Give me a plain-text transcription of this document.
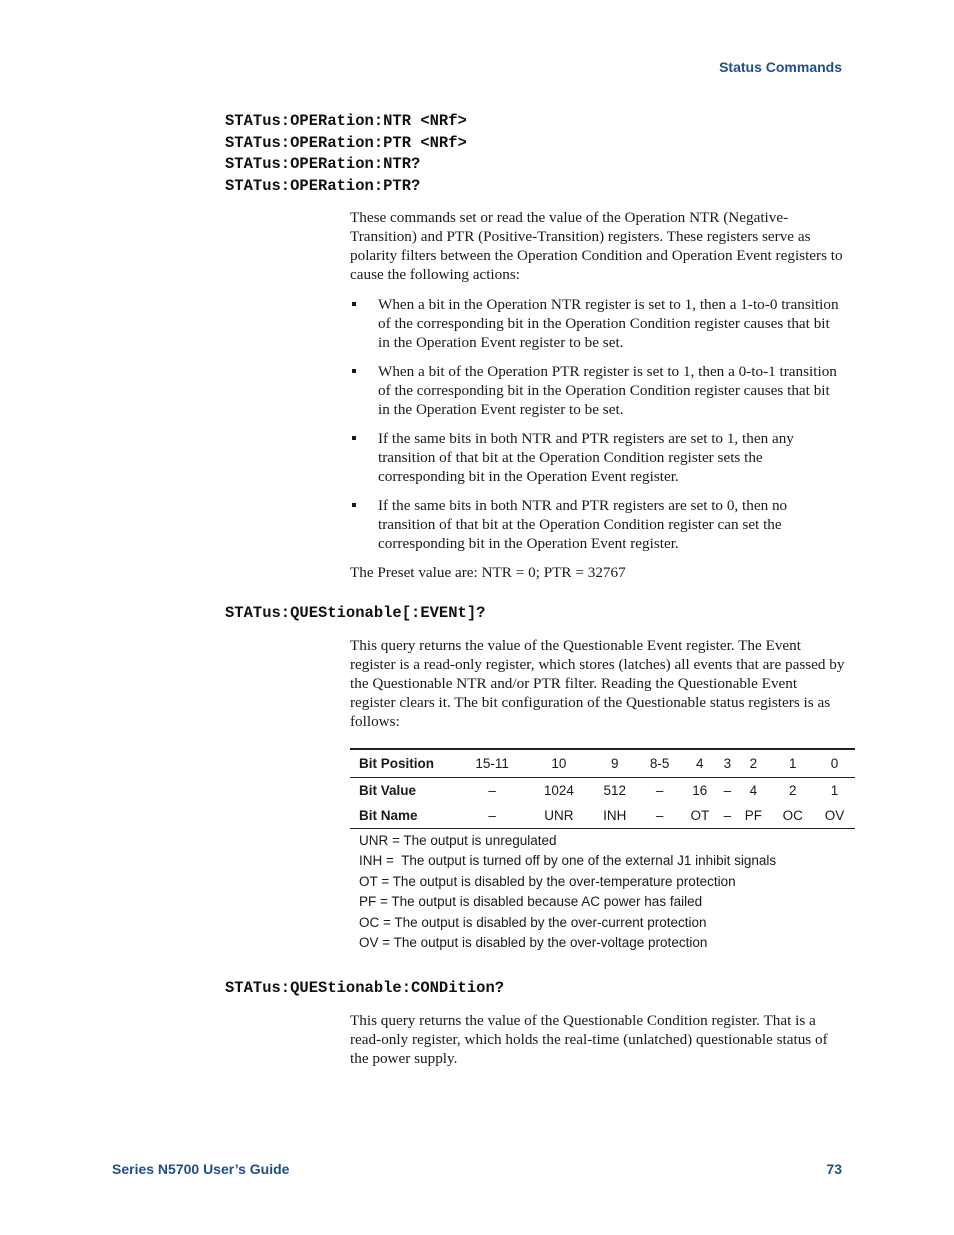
Status Commands
STATus:OPERation:NTR <NRf>
STATus:OPERation:PTR <NRf>
STATus:OPERation:NTR?
STATus:OPERation:PTR?

These commands set or read the value of the Operation NTR (Negative-Transition) and PTR (Positive-Transition) registers. These registers serve as polarity filters between the Operation Condition and Operation Event registers to cause the following actions:

When a bit in the Operation NTR register is set to 1, then a 1-to-0 transition of the corresponding bit in the Operation Condition register causes that bit in the Operation Event register to be set.
When a bit of the Operation PTR register is set to 1, then a 0-to-1 transition of the corresponding bit in the Operation Condition register causes that bit in the Operation Event register to be set.
If the same bits in both NTR and PTR registers are set to 1, then any transition of that bit at the Operation Condition register sets the corresponding bit in the Operation Event register.
If the same bits in both NTR and PTR registers are set to 0, then no transition of that bit at the Operation Condition register can set the corresponding bit in the Operation Event register.

The Preset value are: NTR = 0; PTR = 32767

STATus:QUEStionable[:EVENt]?

This query returns the value of the Questionable Event register. The Event register is a read-only register, which stores (latches) all events that are passed by the Questionable NTR and/or PTR filter. Reading the Questionable Event register clears it. The bit configuration of the Questionable status registers is as follows:

Bit Position	15-11	10	9	8-5	4	3	2	1	0
Bit Value	–	1024	512	–	16	–	4	2	1
Bit Name	–	UNR	INH	–	OT	–	PF	OC	OV
UNR = The output is unregulated
INH =  The output is turned off by one of the external J1 inhibit signals
OT = The output is disabled by the over-temperature protection
PF = The output is disabled because AC power has failed
OC = The output is disabled by the over-current protection
OV = The output is disabled by the over-voltage protection
STATus:QUEStionable:CONDition?

This query returns the value of the Questionable Condition register. That is a read-only register, which holds the real-time (unlatched) questionable status of the power supply.

Series N5700 User’s Guide	73
